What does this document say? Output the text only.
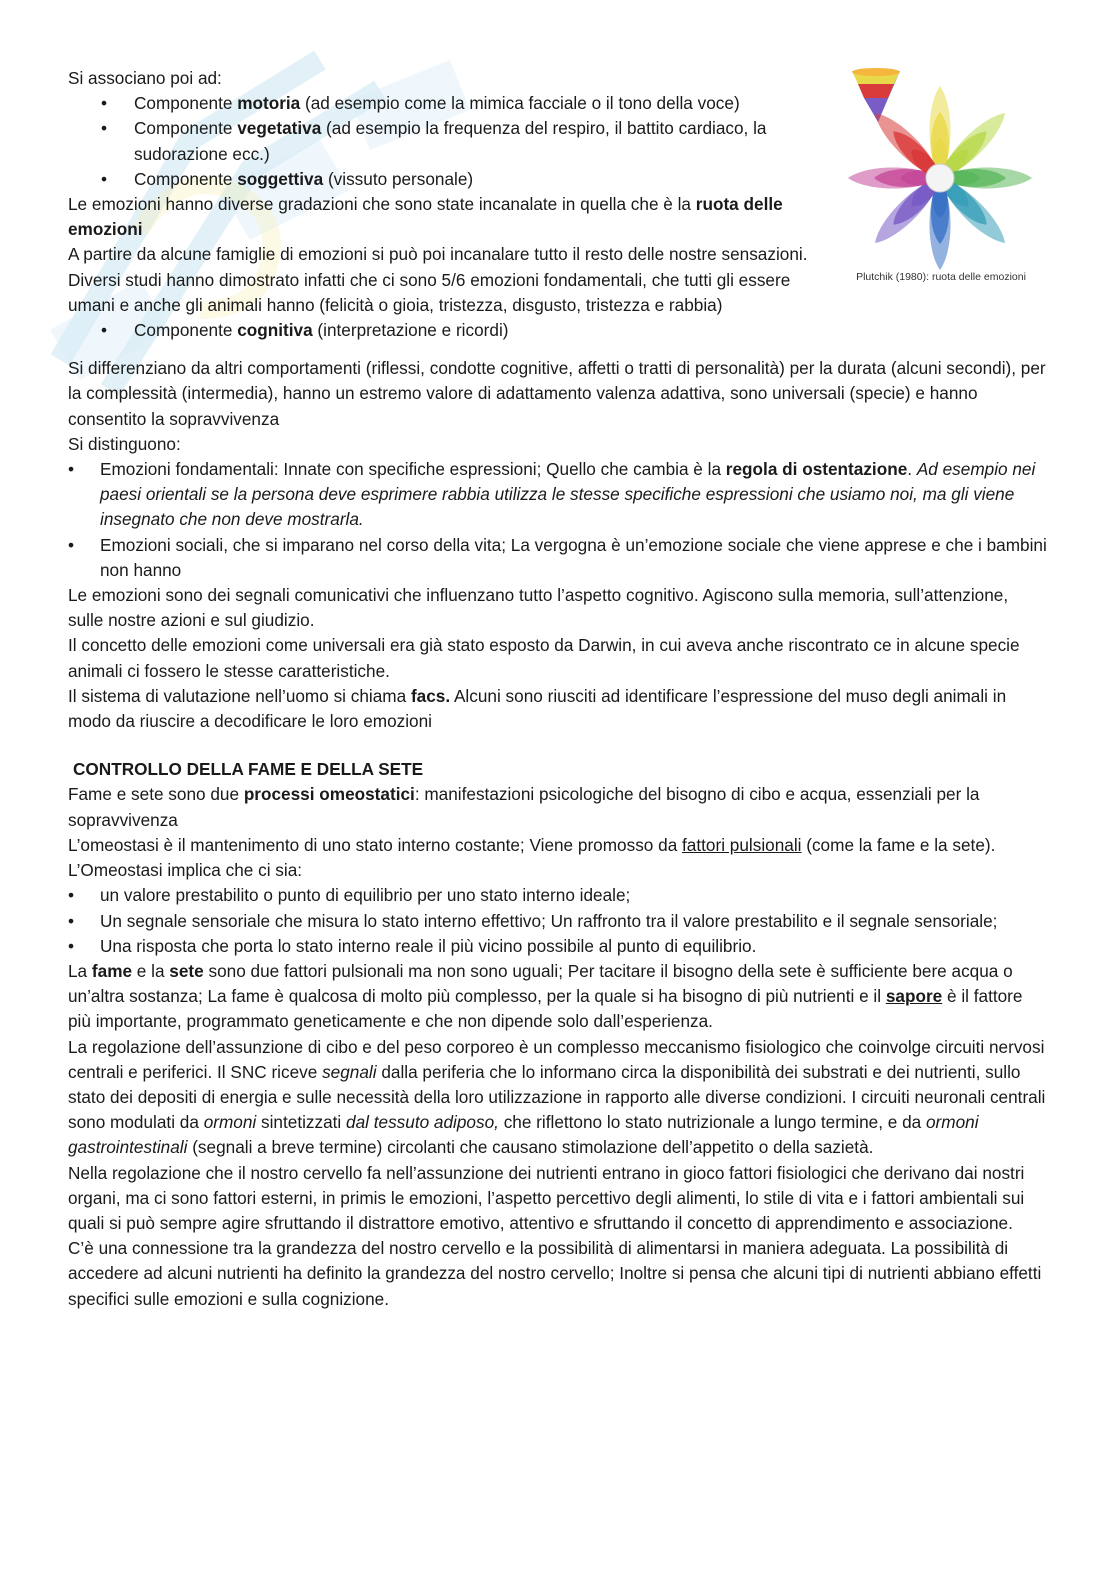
Plutchik (1980): ruota delle emozioni

Si associano poi ad:

• Componente motoria (ad esempio come la mimica facciale o il tono della voce)
• Componente vegetativa (ad esempio la frequenza del respiro, il battito cardiaco, la sudorazione ecc.)
• Componente soggettiva (vissuto personale)

Le emozioni hanno diverse gradazioni che sono state incanalate in quella che è la ruota delle emozioni

A partire da alcune famiglie di emozioni si può poi incanalare tutto il resto delle nostre sensazioni. Diversi studi hanno dimostrato infatti che ci sono 5/6 emozioni fondamentali, che tutti gli essere umani e anche gli animali hanno (felicità o gioia, tristezza, disgusto, tristezza e rabbia)

• Componente cognitiva (interpretazione e ricordi)

Si differenziano da altri comportamenti (riflessi, condotte cognitive, affetti o tratti di personalità) per la durata (alcuni secondi), per la complessità (intermedia), hanno un estremo valore di adattamento valenza adattiva, sono universali (specie) e hanno consentito la sopravvivenza

Si distinguono:

• Emozioni fondamentali: Innate con specifiche espressioni; Quello che cambia è la regola di ostentazione. Ad esempio nei paesi orientali se la persona deve esprimere rabbia utilizza le stesse specifiche espressioni che usiamo noi, ma gli viene insegnato che non deve mostrarla.
• Emozioni sociali, che si imparano nel corso della vita; La vergogna è un’emozione sociale che viene apprese e che i bambini non hanno

Le emozioni sono dei segnali comunicativi che influenzano tutto l’aspetto cognitivo. Agiscono sulla memoria, sull’attenzione, sulle nostre azioni e sul giudizio.

Il concetto delle emozioni come universali era già stato esposto da Darwin, in cui aveva anche riscontrato ce in alcune specie animali ci fossero le stesse caratteristiche.

Il sistema di valutazione nell’uomo si chiama facs. Alcuni sono riusciti ad identificare l’espressione del muso degli animali in modo da riuscire a decodificare le loro emozioni

CONTROLLO DELLA FAME E DELLA SETE

Fame e sete sono due processi omeostatici: manifestazioni psicologiche del bisogno di cibo e acqua, essenziali per la sopravvivenza

L’omeostasi è il mantenimento di uno stato interno costante; Viene promosso da fattori pulsionali (come la fame e la sete).

L’Omeostasi implica che ci sia:

• un valore prestabilito o punto di equilibrio per uno stato interno ideale;
• Un segnale sensoriale che misura lo stato interno effettivo; Un raffronto tra il valore prestabilito e il segnale sensoriale;
• Una risposta che porta lo stato interno reale il più vicino possibile al punto di equilibrio.

La fame e la sete sono due fattori pulsionali ma non sono uguali; Per tacitare il bisogno della sete è sufficiente bere acqua o un’altra sostanza; La fame è qualcosa di molto più complesso, per la quale si ha bisogno di più nutrienti e il sapore è il fattore più importante, programmato geneticamente e che non dipende solo dall’esperienza.

La regolazione dell’assunzione di cibo e del peso corporeo è un complesso meccanismo fisiologico che coinvolge circuiti nervosi centrali e periferici. Il SNC riceve segnali dalla periferia che lo informano circa la disponibilità dei substrati e dei nutrienti, sullo stato dei depositi di energia e sulle necessità della loro utilizzazione in rapporto alle diverse condizioni. I circuiti neuronali centrali sono modulati da ormoni sintetizzati dal tessuto adiposo, che riflettono lo stato nutrizionale a lungo termine, e da ormoni gastrointestinali (segnali a breve termine) circolanti che causano stimolazione dell’appetito o della sazietà.

Nella regolazione che il nostro cervello fa nell’assunzione dei nutrienti entrano in gioco fattori fisiologici che derivano dai nostri organi, ma ci sono fattori esterni, in primis le emozioni, l’aspetto percettivo degli alimenti, lo stile di vita e i fattori ambientali sui quali si può sempre agire sfruttando il distrattore emotivo, attentivo e sfruttando il concetto di apprendimento e associazione.

C’è una connessione tra la grandezza del nostro cervello e la possibilità di alimentarsi in maniera adeguata. La possibilità di accedere ad alcuni nutrienti ha definito la grandezza del nostro cervello; Inoltre si pensa che alcuni tipi di nutrienti abbiano effetti specifici sulle emozioni e sulla cognizione.
